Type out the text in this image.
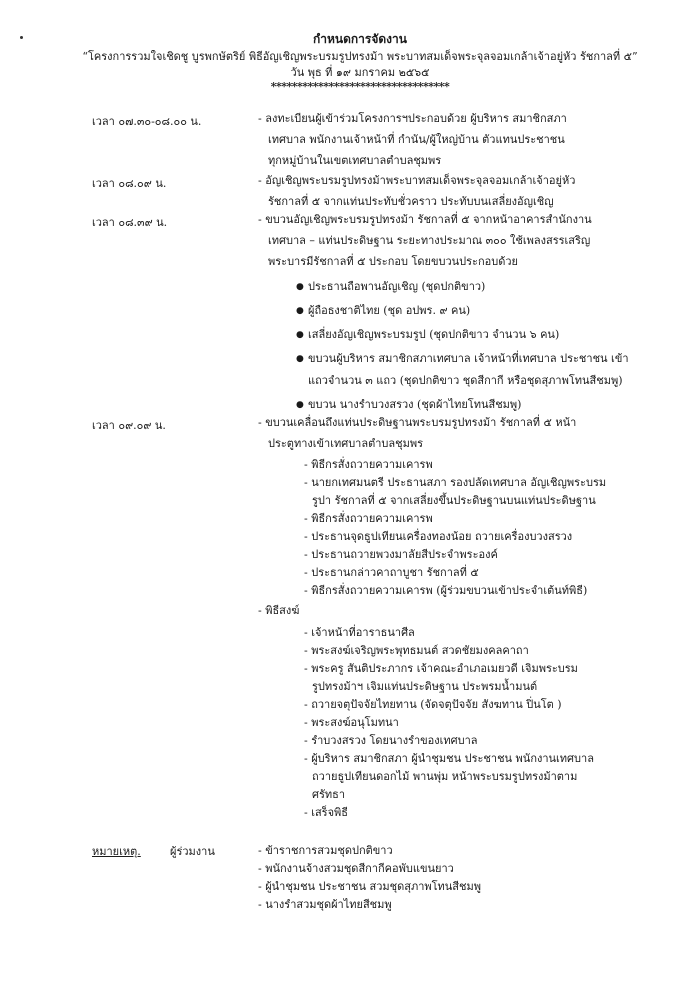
กำหนดการจัดงาน
“โครงการรวมใจเชิดชู บูรพกษัตริย์ พิธีอัญเชิญพระบรมรูปทรงม้า พระบาทสมเด็จพระจุลจอมเกล้าเจ้าอยู่หัว รัชกาลที่ ๕”
วัน พุธ ที่ ๑๙ มกราคม ๒๕๖๕
**********************************
เวลา ๐๗.๓๐-๐๘.๐๐ น.	- ลงทะเบียนผู้เข้าร่วมโครงการฯประกอบด้วย ผู้บริหาร สมาชิกสภา
เทศบาล พนักงานเจ้าหน้าที่ กำนัน/ผู้ใหญ่บ้าน ตัวแทนประชาชน
ทุกหมู่บ้านในเขตเทศบาลตำบลชุมพร
เวลา ๐๘.๐๙ น.	- อัญเชิญพระบรมรูปทรงม้าพระบาทสมเด็จพระจุลจอมเกล้าเจ้าอยู่หัว
รัชกาลที่ ๕ จากแท่นประทับชั่วคราว ประทับบนเสลี่ยงอัญเชิญ
เวลา ๐๘.๓๙ น.	- ขบวนอัญเชิญพระบรมรูปทรงม้า รัชกาลที่ ๕ จากหน้าอาคารสำนักงาน
เทศบาล – แท่นประดิษฐาน ระยะทางประมาณ ๓๐๐ ใช้เพลงสรรเสริญ
พระบารมีรัชกาลที่ ๕ ประกอบ โดยขบวนประกอบด้วย
● ประธานถือพานอัญเชิญ (ชุดปกติขาว)
● ผู้ถือธงชาติไทย (ชุด อปพร. ๙ คน)
● เสลี่ยงอัญเชิญพระบรมรูป (ชุดปกติขาว จำนวน ๖ คน)
● ขบวนผู้บริหาร สมาชิกสภาเทศบาล เจ้าหน้าที่เทศบาล ประชาชน เข้า
แถวจำนวน ๓ แถว (ชุดปกติขาว ชุดสีกากี หรือชุดสุภาพโทนสีชมพู)
● ขบวน นางรำบวงสรวง (ชุดผ้าไทยโทนสีชมพู)
เวลา ๐๙.๐๙ น.	- ขบวนเคลื่อนถึงแท่นประดิษฐานพระบรมรูปทรงม้า รัชกาลที่ ๕ หน้า
ประตูทางเข้าเทศบาลตำบลชุมพร
- พิธีกรสั่งถวายความเคารพ
- นายกเทศมนตรี ประธานสภา รองปลัดเทศบาล อัญเชิญพระบรม
รูปา รัชกาลที่ ๕ จากเสลี่ยงขึ้นประดิษฐานบนแท่นประดิษฐาน
- พิธีกรสั่งถวายความเคารพ
- ประธานจุดธูปเทียนเครื่องทองน้อย ถวายเครื่องบวงสรวง
- ประธานถวายพวงมาลัยสีประจำพระองค์
- ประธานกล่าวคาถาบูชา รัชกาลที่ ๕
- พิธีกรสั่งถวายความเคารพ (ผู้ร่วมขบวนเข้าประจำเต้นท์พิธี)
- พิธีสงฆ์
- เจ้าหน้าที่อาราธนาศีล
- พระสงฆ์เจริญพระพุทธมนต์ สวดชัยมงคลคาถา
- พระครู สันติประภากร เจ้าคณะอำเภอเมยวดี เจิมพระบรม
รูปทรงม้าฯ เจิมแท่นประดิษฐาน ประพรมน้ำมนต์
- ถวายจตุปัจจัยไทยทาน (จัดจตุปัจจัย สังฆทาน ปิ่นโต )
- พระสงฆ์อนุโมทนา
- รำบวงสรวง โดยนางรำของเทศบาล
- ผู้บริหาร สมาชิกสภา ผู้นำชุมชน ประชาชน พนักงานเทศบาล
ถวายธูปเทียนดอกไม้ พานพุ่ม หน้าพระบรมรูปทรงม้าตาม
ศรัทธา
- เสร็จพิธี
หมายเหตุ.	ผู้ร่วมงาน	- ข้าราชการสวมชุดปกติขาว
- พนักงานจ้างสวมชุดสีกากีคอพับแขนยาว
- ผู้นำชุมชน ประชาชน สวมชุดสุภาพโทนสีชมพู
- นางรำสวมชุดผ้าไทยสีชมพู
